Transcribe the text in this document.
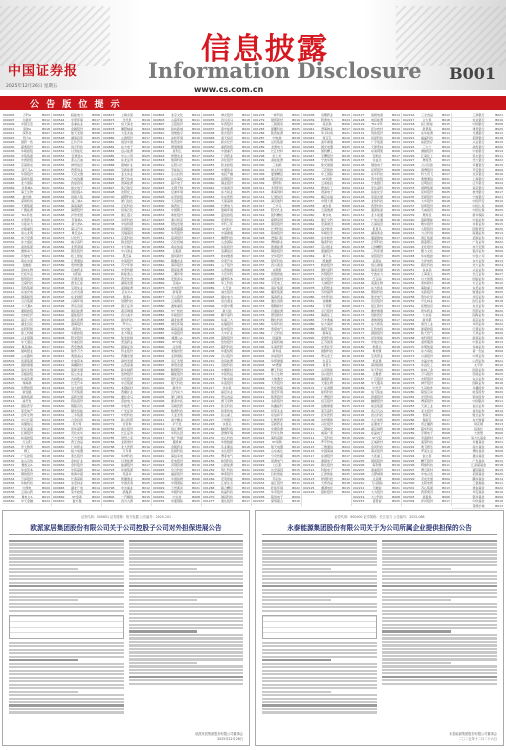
中国证券报
信息披露
Information Disclosure B001
2025年12月26日 星期五	www.cs.com.cn
公 告 版 位 提 示
000002	万科A	B023
000007	全新好	B012
000009	中国宝安	B015
000012	南玻A	B018
000021	深科技	B007
000025	特力A	B020
000028	国药一致	B014
000030	富奥股份	B011
000036	华联控股	B022
000039	中集集团	B019
000042	中洲控股	B009
000048	京基智农	B016
000050	深天马A	B013
000059	华锦股份	B024
000062	深圳华强	B006
000065	北方国际	B017
000069	华侨城A	B021
000078	海王生物	B010
000088	盐田港	B008
000089	深圳机场	B025
000090	天健集团	B012
000096	广聚能源	B018
000100	TCL科技	B015
000153	丰原药业	B020
000155	川能动力	B014
000157	中联重科	B011
000158	常山北明	B022
000166	申万宏源	B019
000301	东方盛虹	B009
000333	美的集团	B016
000338	潍柴动力	B013
000400	许继电气	B024
000401	冀东水泥	B006
000402	金融街	B017
000403	派林生物	B021
000404	长虹华意	B010
000407	胜利股份	B008
000409	云鼎科技	B025
000411	英特集团	B012
000413	东旭光电	B018
000415	渤海租赁	B015
000417	合百集团	B020
000418	小天鹅A	B014
000419	通程控股	B011
000420	吉林化纤	B022
000421	南京公用	B019
000422	湖北宜化	B009
000423	东阿阿胶	B016
000425	徐工机械	B013
000426	兴业银锡	B024
000428	华天酒店	B006
000429	粤高速A	B017
000488	晨鸣纸业	B021
000498	山东路桥	B010
000501	武商集团	B008
000503	国新健康	B025
000504	南华生物	B012
000505	京粮控股	B018
000506	中润资源	B015
000507	珠海港	B020
000509	华塑控股	B014
000510	新金路	B011
000513	丽珠集团	B022
000514	渝开发	B019
000516	国际医学	B009
000517	荣安地产	B016
000518	四环生物	B013
000519	中兵红箭	B024
000520	凤凰航运	B006
000521	长虹美菱	B017
000523	红棉股份	B021
000524	岭南控股	B010
000525	红太阳	B008
000526	学大教育	B025
000528	柳工	B012
000529	广弘控股	B018
000530	冰山冷热	B015
000531	穗恒运A	B020
000532	华金资本	B014
000533	顺钠股份	B011
000534	万泽股份	B022
000536	华映科技	B019
000537	中绿电	B009
000538	云南白药	B016
000539	粤电力A	B013
000540	中天金融	B024
000543	皖能电力	B006
000544	中原环保	B017
000545	金浦钛业	B021
000546	金圆股份	B010
000547	航天发展	B008
000548	湖南投资	B025
000550	江铃汽车	B012
000551	创元科技	B018
000552	甘肃能化	B015
000553	安道麦A	B020
000554	泰山石油	B014
000555	神州信息	B011
000557	西部创业	B022
000558	天府文旅	B019
000559	万向钱潮	B009
000560	我爱我家	B016
000561	烽火电子	B013
000563	陕国投A	B024
000564	供销大集	B006
000565	渝三峡A	B017
000566	海南海药	B021
000567	海德股份	B010
000568	泸州老窖	B008
000570	苏常柴A	B025
000571	新大洲A	B012
000572	海马汽车	B018
000573	粤宏远A	B015
000576	甘化科工	B020
000581	威孚高科	B014
000582	北部湾港	B011
000583	国发股份	B022
000584	哈工智能	B019
000586	汇源通信	B009
000589	贵州轮胎	B016
000590	启迪药业	B013
000591	太阳能	B024
000592	平潭发展	B006
000593	德龙汇能	B017
000595	宝塔实业	B021
000596	古井贡酒	B010
000597	东北制药	B008
000598	兴蓉环境	B025
000599	青岛双星	B012
000600	建投能源	B018
000601	韶能股份	B015
000603	盛达资源	B020
000605	渤海股份	B014
000606	顺利办	B011
000607	华媒控股	B022
000608	阳光股份	B019
000609	中迪投资	B009
000610	西安旅游	B016
000612	焦作万方	B013
000615	奥园美谷	B024
000617	中油资本	B006
000619	海螺新材	B017
000620	盈新发展	B021
000622	恒立实业	B010
000623	吉林敖东	B008
000625	长安汽车	B025
000626	远大控股	B012
000627	天茂集团	B018
000628	高新发展	B015
000629	钒钛股份	B020
000630	铜陵有色	B014
000631	顺发恒能	B011
000632	三木集团	B022
000633	合金投资	B019
000635	英力特	B009
000636	风华高科	B016
000637	茂化实华	B013
000638	万方发展	B024
000639	西王食品	B006
000650	仁和药业	B017
000651	格力电器	B021
000652	泰达股份	B010
000655	金岭矿业	B008
000656	金科股份	B025
000657	中钨高新	B012
000659	珠海中富	B018
000661	长春高新	B015
000663	永安林业	B020
000665	湖北广电	B014
000668	荣丰控股	B011
000669	ST金鸿	B022
000670	盈方微	B019
000672	上峰水泥	B009
000673	当代退	B016
000677	恒天海龙	B013
000678	襄阳轴承	B024
000679	大连友谊	B006
000680	山推股份	B017
000681	视觉中国	B021
000682	东方电子	B010
000683	远兴能源	B008
000685	中山公用	B025
000686	东北证券	B012
000688	国城矿业	B018
000690	宝新能源	B015
000691	亚太实业	B020
000692	惠天热电	B014
000695	滨海能源	B011
000697	炼石航空	B022
000698	沈阳化工	B019
000700	模塑科技	B009
000701	厦门信达	B016
000702	正虹科技	B013
000703	恒逸石化	B024
000705	浙江震元	B006
000707	双环科技	B017
000708	中信特钢	B021
000709	河钢股份	B010
000710	贝瑞基因	B008
000711	京蓝科技	B025
000712	锦龙股份	B012
000713	丰乐种业	B018
000715	中兴商业	B015
000716	黑芝麻	B020
000717	中南股份	B014
000718	苏宁环球	B011
000719	中原传媒	B022
000720	新能泰山	B019
000721	西安饮食	B009
000722	湖南发展	B016
000723	美锦能源	B013
000725	京东方A	B024
000726	鲁泰A	B006
000727	冠捷科技	B017
000728	国元证券	B021
000729	燕京啤酒	B010
000731	四川美丰	B008
000733	振华科技	B025
000735	罗牛山	B012
000736	中交地产	B018
000737	北方铜业	B015
000738	航发控制	B020
000739	普洛药业	B014
000750	国海证券	B011
000751	锌业股份	B022
000752	西藏发展	B019
000753	漳州发展	B009
000755	山西高速	B016
000756	新华制药	B013
000757	浩物股份	B024
000758	中色股份	B006
000759	中百集团	B017
000761	本钢板材	B021
000762	西藏矿业	B010
000766	通化金马	B008
000767	晋控电力	B025
000768	中航西飞	B012
000776	广发证券	B018
000777	中核科技	B015
000778	新兴铸管	B020
000779	甘咨询	B014
000782	美达股份	B011
000783	长江证券	B022
000785	居然之家	B019
000786	北新建材	B009
000788	北大医药	B016
000789	万年青	B013
000790	华神科技	B024
000791	甘肃能源	B006
000792	盐湖股份	B017
000793	华闻集团	B021
000795	英洛华	B010
000796	凯撒旅业	B008
000797	中国武夷	B025
000798	中水渔业	B012
000799	酒鬼酒	B018
000800	一汽解放	B015
000801	四川九洲	B020
000802	北京文化	B014
000803	山高环能	B011
000807	云铝股份	B022
000809	铁岭新城	B019
000810	创维数字	B009
000811	冰轮环境	B016
000812	陕西金叶	B013
000813	德展健康	B024
000815	美利云	B006
000816	智慧农业	B017
000818	航锦科技	B021
000819	岳阳兴长	B010
000820	节能铁汉	B008
000821	京山轻机	B025
000822	山东海化	B012
000823	超声电子	B018
000825	太钢不锈	B015
000826	启迪环境	B020
000828	东莞控股	B014
000829	天音控股	B011
000830	鲁西化工	B022
000831	中国稀土	B019
000833	粤桂股份	B009
000837	秦川机床	B016
000838	财信发展	B013
000848	承德露露	B024
000850	华茂股份	B006
000851	高鸿股份	B017
000852	石化机械	B021
000856	冀东装备	B010
000858	五粮液	B008
000859	国风新材	B025
000860	顺鑫农业	B012
000861	海印股份	B018
000862	银星能源	B015
000863	三湘印象	B020
000868	安凯客车	B014
000869	张裕A	B011
000875	吉电股份	B022
000876	新希望	B019
000877	天山股份	B009
000878	云南铜业	B016
000880	潍柴重机	B013
000881	中广核技	B024
000882	华联股份	B006
000883	湖北能源	B017
000885	城发环境	B021
000886	海南高速	B010
000887	中鼎股份	B008
000888	峨眉山A	B025
000889	ST中嘉	B012
000890	法尔胜	B018
000892	欢瑞世纪	B015
000893	亚钾国际	B020
000895	双汇发展	B014
000897	津滨发展	B011
000898	鞍钢股份	B022
000899	赣能股份	B019
000900	现代投资	B009
000901	航天科技	B016
000902	新洋丰	B013
000903	云内动力	B024
000905	厦门港务	B006
000906	浙商中拓	B017
000908	景峰医药	B021
000909	数源科技	B010
000910	大亚圣象	B008
000911	南宁糖业	B025
000912	泸天化	B012
000913	钱江摩托	B018
000915	华特达因	B015
000917	电广传媒	B020
000918	嘉凯城	B014
000919	金陵药业	B011
000920	沃顿科技	B022
000921	海信家电	B019
000922	佳电股份	B009
000923	河钢资源	B016
000925	众合科技	B013
000926	福星股份	B024
000927	中国铁物	B006
000928	中钢国际	B017
000929	兰州黄河	B021
000930	中粮科技	B010
000931	中关村	B008
000932	华菱钢铁	B025
000933	神火股份	B012
000935	四川双马	B018
000936	华西股份	B015
000937	冀中能源	B020
000938	紫光股份	B014
000948	南天信息	B011
000949	新乡化纤	B022
000950	重药控股	B019
000951	中国重汽	B009
000952	广济药业	B016
000953	河化股份	B013
000955	欣龙控股	B024
000957	中通客车	B006
000958	电投产融	B017
000959	首钢股份	B021
000960	锡业股份	B010
000961	中南建设	B008
000962	东方钽业	B025
000963	华东医药	B012
000965	天保基建	B018
000966	长源电力	B015
000967	盈峰环境	B020
000968	蓝焰控股	B014
000969	安泰科技	B011
000970	中科三环	B022
000971	ST高升	B019
000972	中基健康	B009
000973	佛塑科技	B016
000975	山金国际	B013
000976	华铁股份	B024
000977	浪潮信息	B006
000978	桂林旅游	B017
000980	众泰汽车	B021
000981	山子股份	B010
000983	山西焦煤	B008
000985	大庆华科	B025
000987	越秀资本	B012
000988	华工科技	B018
000989	九芝堂	B015
000990	诚志股份	B020
000993	闽东电力	B014
000995	皇台酒业	B011
000996	中国中期	B022
000997	新大陆	B019
000998	隆平高科	B009
000999	华润三九	B016
001201	东瑞股份	B013
001202	炬申股份	B024
001203	大中矿业	B006
001205	盛航股份	B017
001206	依依股份	B021
001207	联科科技	B010
001208	华菱线缆	B008
001209	洪兴股份	B025
001210	金房能源	B012
001211	双枪科技	B018
001212	中旗新材	B015
001213	中铁特货	B020
001215	千味央厨	B014
001216	华瓷股份	B011
001217	华尔泰	B022
001218	丽臣实业	B019
001219	青岛食品	B009
001222	源飞宠物	B016
001223	欧克科技	B013
001225	和泰机电	B024
001226	拓山重工	B006
001227	兰州银行	B017
001228	永泰运	B021
001229	魅视科技	B010
001230	劲旅环境	B008
001231	农心科技	B025
001232	华智数媒	B012
001236	弘业期货	B018
001239	永达股份	B015
001255	博菲电气	B020
001256	炜冈科技	B014
001258	立新能源	B011
001259	利仁科技	B022
001260	坤泰股份	B019
001266	宏英智能	B009
001267	汇绿生态	B016
001268	联合精密	B013
001269	欧晶科技	B024
001270	铖昌科技	B006
001277	速达股份	B017
001278	一彬科技	B021
001279	强邦新材	B010
001282	三联锻造	B008
001283	豪鹏科技	B025
001286	陕西能源	B012
001287	中电港	B018
001288	运机集团	B015
001289	龙源电力	B020
001296	长江材料	B014
001298	好上好	B011
001299	美能能源	B022
001300	三柏硕	B019
001301	尚太科技	B009
001306	夏厦精密	B016
001308	康冠科技	B013
001309	德明利	B024
001311	多利科技	B006
001313	粤海饲料	B017
001314	亿道信息	B021
001316	润贝航科	B010
001317	三羊马	B008
001318	阳光乳业	B025
001319	铭科精技	B012
001322	箭牌家居	B018
001323	慕思股份	B015
001324	长青科技	B020
001326	联域股份	B014
001328	登康口腔	B011
001330	博纳影业	B022
001331	胜通能源	B019
001332	锡装股份	B009
001333	光华股份	B016
001336	楚环科技	B013
001337	四川黄金	B024
001338	永顺泰	B006
001339	智微智能	B017
001358	兴欣新材	B021
001359	平安电工	B010
001360	南矿集团	B008
001366	播恩集团	B025
001367	海森药业	B012
001368	通达创智	B018
001373	翔腾新材	B015
001376	百通能源	B020
001378	德冠新材	B014
001379	腾达科技	B011
001380	华纬科技	B022
001387	雪祺电气	B019
001389	广合科技	B009
001391	国货航	B016
001395	亚联机械	B013
001396	华润医药	B024
002001	新和成	B006
002003	伟星股份	B017
002004	华邦健康	B021
002005	ST德豪	B010
002006	精工科技	B008
002007	华兰生物	B025
002008	大族激光	B012
002009	天奇股份	B018
002010	传化智联	B015
002011	盾安环境	B020
002012	凯恩股份	B014
002014	永新股份	B011
002015	协鑫能科	B022
002016	世荣兆业	B019
002017	东信和平	B009
002019	亿帆医药	B016
002020	京新药业	B013
002021	中捷资源	B024
002022	科华生物	B006
002023	海特高新	B017
002024	ST易购	B021
002025	航天电器	B010
002026	山东威达	B008
002027	分众传媒	B025
002028	思源电气	B012
002029	七匹狼	B018
002030	达安基因	B015
002031	巨轮智能	B020
002032	苏泊尔	B014
002033	丽江股份	B011
002034	旺能环境	B022
002035	华帝股份	B019
002036	联创电子	B009
002037	保利联合	B016
002038	双鹭药业	B013
002039	黔源电力	B024
002040	南京港	B006
002041	登海种业	B017
002042	华孚时尚	B021
002043	兔宝宝	B010
002044	美年健康	B008
002045	国光电器	B025
002046	国机精工	B012
002047	宝鹰股份	B018
002048	宁波华翔	B015
002049	紫光国微	B020
002050	三花智控	B014
002051	中工国际	B011
002052	ST同洲	B022
002053	云南能投	B019
002054	德美化工	B009
002055	得润电子	B016
002056	横店东磁	B013
002057	中钢天源	B024
002058	威尔泰	B006
002059	云南旅游	B017
002060	粤水电	B021
002061	浙江交科	B010
002062	宏润建设	B008
002063	远光软件	B025
002064	华峰化学	B012
002065	东华软件	B018
002066	瑞泰科技	B015
002067	景兴纸业	B020
002068	黑猫股份	B014
002069	獐子岛	B011
002072	凯瑞德	B022
002073	软控股份	B019
002074	国轩高科	B009
002075	沙钢股份	B016
002076	星光股份	B013
002077	大港股份	B024
002078	太阳纸业	B006
002079	苏州固锝	B017
002080	中材科技	B021
002081	金螳螂	B010
002082	万邦德	B008
002083	孚日股份	B025
002084	海鸥住工	B012
002085	万丰奥威	B018
002086	东方海洋	B015
002088	鲁阳节能	B020
002089	新海宜	B014
002090	金智科技	B011
002091	江苏国泰	B022
002092	中泰化学	B019
002093	国脉科技	B009
002094	青岛金王	B016
002095	生意宝	B013
002096	易普力	B024
002097	山河智能	B006
002098	浔兴股份	B017
002099	海翔药业	B021
002100	天康生物	B010
002101	广东鸿图	B008
002102	能特科技	B025
002103	广博股份	B012
002104	恒宝股份	B018
002105	信隆健康	B015
002106	莱宝高科	B020
002107	沃华医药	B014
002108	沧州明珠	B011
002109	兴化股份	B022
002110	三钢闽光	B019
002111	威海广泰	B009
002112	三变科技	B016
002114	罗平锌电	B013
002115	三维通信	B024
002116	中国海诚	B006
002117	东港股份	B017
002119	康强电子	B021
002120	韵达股份	B010
002121	科陆电子	B008
002122	汇洲智能	B025
002123	梦网科技	B012
002124	天邦食品	B018
002125	湘潭电化	B015
002126	银轮股份	B020
002127	南极电商	B014
002128	电投能源	B011
002129	TCL中环	B022
002130	沃尔核材	B019
002131	利欧股份	B009
002132	恒星科技	B016
002133	广宇集团	B013
002134	天津普林	B024
002135	东南网架	B006
002136	安纳达	B017
002137	实益达	B021
002138	顺络电子	B010
002139	拓邦股份	B008
002140	东华科技	B025
002141	贤丰控股	B012
002142	宁波银行	B018
002144	宏达高科	B015
002145	钛能化学	B020
002146	荣盛发展	B014
002148	北纬科技	B011
002149	西部材料	B022
002150	通润装备	B019
002151	北斗星通	B009
002152	广电运通	B016
002153	石基信息	B013
002154	报喜鸟	B024
002155	湖南黄金	B006
002156	通富微电	B017
002157	正邦科技	B021
002158	汉钟精机	B010
002159	三特索道	B008
002160	常铝股份	B025
002161	远望谷	B012
002162	悦心健康	B018
002163	海南发展	B015
002164	宁波东力	B020
002165	红宝丽	B014
002166	莱茵生物	B011
002167	东方锆业	B022
002168	惠程科技	B019
002169	智光电气	B009
002170	芭田股份	B016
002171	楚江新材	B013
002172	澳洋健康	B024
002173	创新医疗	B006
002174	游族网络	B017
002175	东方智造	B021
002176	江特电机	B010
002177	御银股份	B008
002178	延华智能	B025
002179	中航光电	B012
002180	纳思达	B018
002181	粤传媒	B015
002182	宝武镁业	B020
002183	怡亚通	B014
002184	海得控制	B011
002185	华天科技	B022
002186	全聚德	B019
002187	广百股份	B009
002188	中天服务	B016
002189	中光学	B013
002190	成飞集成	B024
002191	劲嘉股份	B006
002192	融捷股份	B017
002193	如意集团	B021
002194	武汉凡谷	B010
002195	岩山科技	B008
002196	方正电机	B025
002197	证通电子	B012
002198	嘉应制药	B018
002199	东晶电子	B015
002200	ST交投	B020
002201	正威新材	B014
002202	金风科技	B011
002203	海亮股份	B022
002204	大连重工	B019
002205	国统股份	B009
002206	海利得	B016
002207	准油股份	B013
002208	合肥城建	B024
002209	达意隆	B006
002210	飞马国际	B017
002212	天融信	B021
002213	大为股份	B010
002214	大立科技	B008
002215	诺普信	B025
002216	三全食品	B012
002217	合力泰	B018
002218	拓日新能	B015
002219	新里程	B020
002221	东华能源	B014
002222	福晶科技	B011
002223	鱼跃医疗	B022
002224	三力士	B019
002225	濮耐股份	B009
002226	江南化工	B016
002227	奥特迅	B013
002228	合兴包装	B024
002229	鸿博股份	B006
002230	科大讯飞	B017
002231	奥维通信	B021
002232	启明信息	B010
002233	塔牌集团	B008
002234	民和股份	B025
002235	安妮股份	B012
002236	大华股份	B018
002237	恒邦股份	B015
002238	天威视讯	B020
002239	奥特佳	B014
002240	盛新锂能	B011
002241	歌尔股份	B022
002242	九阳股份	B019
002243	力合科创	B009
002244	滨江集团	B016
002245	蔚蓝锂芯	B013
002246	北化股份	B024
002247	聚力文化	B006
002248	华东数控	B017
002249	大洋电机	B021
002250	联化科技	B010
002251	步步高	B008
002252	上海莱士	B025
002253	川大智胜	B012
002254	泰和新材	B018
002255	海陆重工	B015
002256	兆新股份	B020
002258	利尔化学	B014
002259	升达林业	B011
002261	拓维信息	B022
002262	恩华药业	B019
002263	大东南	B009
002264	新华都	B016
002265	建设工业	B013
002266	浙富控股	B024
002267	陕天然气	B006
002268	电科网安	B017
002269	美邦服饰	B021
002270	华明装备	B010
002271	东方雨虹	B008
002272	川润股份	B025
002273	水晶光电	B012
002274	华昌化工	B018
002275	桂林三金	B015
002276	万马股份	B020
002277	友阿股份	B014
002278	神开股份	B011
002279	久其软件	B022
002280	联络互动	B019
002281	光迅科技	B009
002282	博深股份	B016
002283	天润工业	B013
002284	亚太股份	B024
002285	世联行	B006
002286	保龄宝	B017
002287	奇正藏药	B021
002288	超华科技	B010
002289	宇顺电子	B008
002290	禾盛新材	B025
002291	遥望科技	B012
002292	奥飞娱乐	B018
002293	罗莱生活	B015
002294	信立泰	B020
002295	精艺股份	B014
002296	辉煌科技	B011
002297	博云新材	B022
002298	中电兴发	B019
002299	圣农发展	B009
002300	太阳电缆	B016
002301	齐心集团	B013
002302	西部建设	B024
002303	美盈森	B006
002304	洋河股份	B017
工商银行	B021
农业银行	B010
中国银行	B008
建设银行	B025
交通银行	B012
招商银行	B018
兴业银行	B015
浦发银行	B020
中信银行	B014
民生银行	B011
光大银行	B022
华夏银行	B019
平安银行	B009
北京银行	B016
上海银行	B013
江苏银行	B024
南京银行	B006
杭州银行	B017
宁波银行	B021
中国平安	B010
中国人寿	B008
中国太保	B025
新华保险	B012
中信证券	B018
华泰证券	B015
国泰君安	B020
海通证券	B014
招商证券	B011
广发证券	B022
申万宏源	B019
银河证券	B009
中金公司	B016
东方证券	B013
光大证券	B024
兴业证券	B006
长江证券	B017
国信证券	B021
方正证券	B010
东吴证券	B008
财通证券	B025
华安证券	B012
国元证券	B018
东北证券	B015
西部证券	B020
国海证券	B014
南京证券	B011
华西证券	B022
红塔证券	B019
天风证券	B009
浙商证券	B016
中泰证券	B013
华林证券	B024
第一创业	B006
中原证券	B017
山西证券	B021
太平洋	B010
国金证券	B008
西南证券	B025
东兴证券	B012
国联证券	B018
华鑫股份	B015
哈投股份	B020
锦龙股份	B014
中国银河	B011
信达证券	B022
首创证券	B019
财达证券	B009
东方财富	B016
同花顺	B013
指南针	B024
大智慧	B006
易方达基金	B017
华夏基金	B021
南方基金	B010
博时基金	B008
嘉实基金	B025
广发基金	B012
汇添富基金	B018
富国基金	B015
招商基金	B020
鹏华基金	B014
工银瑞信	B011
建信基金	B022
华安基金	B019
银华基金	B009
中欧基金	B016
景顺长城	B013
证券代码：000651 证券简称：格力电器 公告编号：2025-101
欧派家居集团股份有限公司关于公司控股子公司对外担保进展公告
欧派家居集团股份有限公司董事会
2025年12月26日
证券代码：600900 证券简称：长江电力 公告编号：2025-088
永泰能源集团股份有限公司关于为公司所属企业提供担保的公告
永泰能源集团股份有限公司董事会
二〇二五年十二月二十六日
